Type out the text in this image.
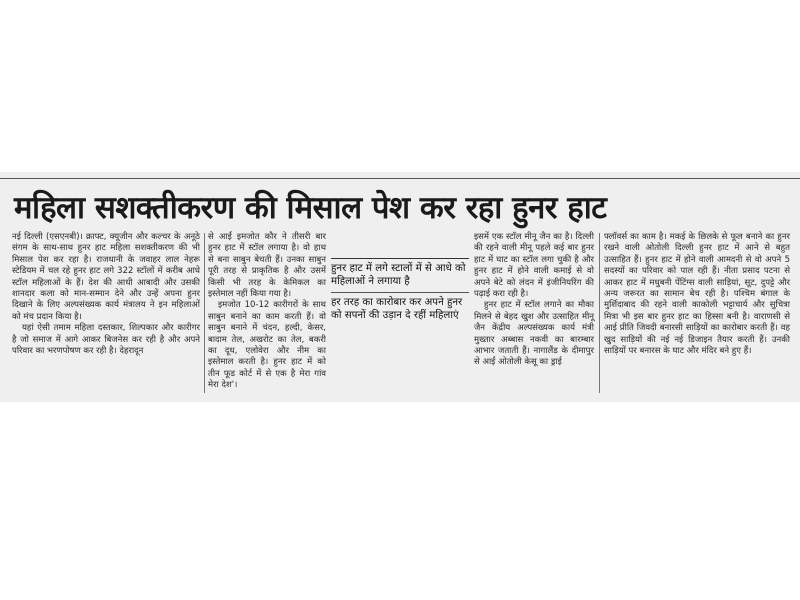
महिला सशक्तीकरण की मिसाल पेश कर रहा हुनर हाट

नई दिल्ली (एसएनबी)। क्राफ्ट, क्यूजीन और कल्चर के अनूठे संगम के साथ-साथ हुनर हाट महिला सशक्तीकरण की भी मिसाल पेश कर रहा है। राजधानी के जवाहर लाल नेहरू स्टेडियम में चल रहे हुनर हाट लगे 322 स्टॉलों में करीब आधे स्टॉल महिलाओं के हैं। देश की आधी आबादी और उसकी शानदार कला को मान-सम्मान देने और उन्हें अपना हुनर दिखाने के लिए अल्पसंख्यक कार्य मंत्रालय ने इन महिलाओं को मंच प्रदान किया है।

यहां ऐसी तमाम महिला दस्तकार, शिल्पकार और कारीगर है जो समाज में आगे आकर बिजनेस कर रही है और अपने परिवार का भरणपोषण कर रही है। देहरादून

से आईं इमजोत कौर ने तीसरी बार हुनर हाट में स्टॉल लगाया है। वो हाथ से बना साबुन बेचती हैं। उनका साबुन पूरी तरह से प्राकृतिक है और उसमें किसी भी तरह के केमिकल का इस्तेमाल नहीं किया गया है।

इमजोत 10-12 कारीगरों के साथ साबुन बनाने का काम करती हैं। वो साबुन बनाने में चंदन, हल्दी, केसर, बादाम तेल, अखरोट का तेल, बकरी का दूध, एलोवेरा और नीम का इस्तेमाल करती है। हुनर हाट में को तीन फूड कोर्ट में से एक है मेरा गांव मेरा देश'।

हुनर हाट में लगे स्टालों में से आधे को महिलाओं ने लगाया है
हर तरह का कारोबार कर अपने हुनर को सपनों की उड़ान दे रहीं महिलाएं

इसमें एक स्टॉल मीनू जैन का है। दिल्ली की रहने वाली मीनू पहले कई बार हुनर हाट में घाट का स्टॉल लगा चुकी है और हुनर हाट में होने वाली कमाई से वो अपने बेटे को लंदन में इंजीनियरिंग की पढ़ाई करा रही है।

हुनर हाट में स्टॉल लगाने का मौका मिलने से बेहद खुश और उत्साहित मीनू जैन केंद्रीय अल्पसंख्यक कार्य मंत्री मुख्तार अब्बास नकवी का बारम्बार आभार जताती हैं। नागालैंड के दीमापुर से आईं ओतोली केसू का ड्राई

फ्लॉवर्स का काम है। मकई के छिलके से फूल बनाने का हुनर रखने वाली ओतोली दिल्ली हुनर हाट में आने से बहुत उत्साहित हैं। हुनर हाट में होने वाली आमदनी से वो अपने 5 सदस्यों का परिवार को पाल रही हैं। नीता प्रसाद पटना से आकर हाट में मधुबनी पेंटिंग्स वाली साड़ियां, सूट, दुपट्टे और अन्य जरूरत का सामान बेच रही है। पश्चिम बंगाल के मुर्शिदाबाद की रहने वाली काकोली भट्टाचार्य और सुचित्रा मित्रा भी इस बार हुनर हाट का हिस्सा बनी है। वाराणसी से आई प्रीति जिवदी बनारसी साड़ियों का कारोबार करती हैं। वह खुद साड़ियों की नई नई डिजाइन तैयार करती हैं। उनकी साड़ियों पर बनारस के घाट और मंदिर बने हुए हैं।
